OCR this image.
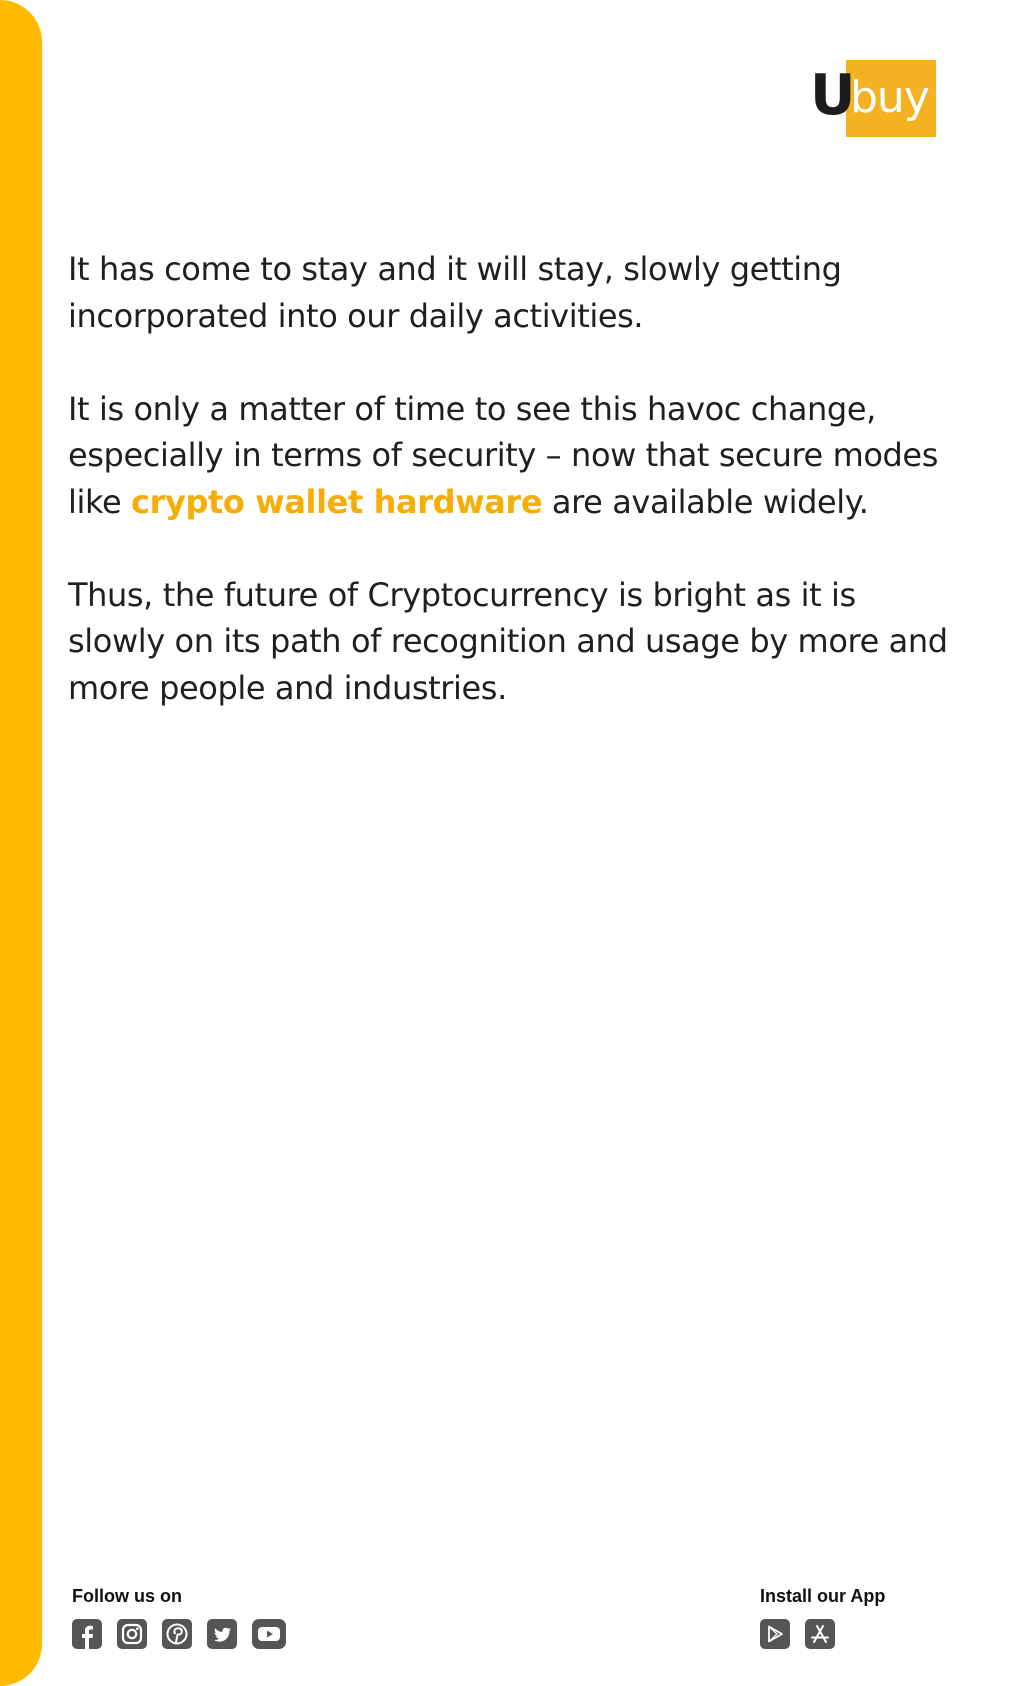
U
buy

It has come to stay and it will stay, slowly getting incorporated into our daily activities.

It is only a matter of time to see this havoc change, especially in terms of security – now that secure modes like crypto wallet hardware are available widely.

Thus, the future of Cryptocurrency is bright as it is slowly on its path of recognition and usage by more and more people and industries.

Follow us on	Install our App
